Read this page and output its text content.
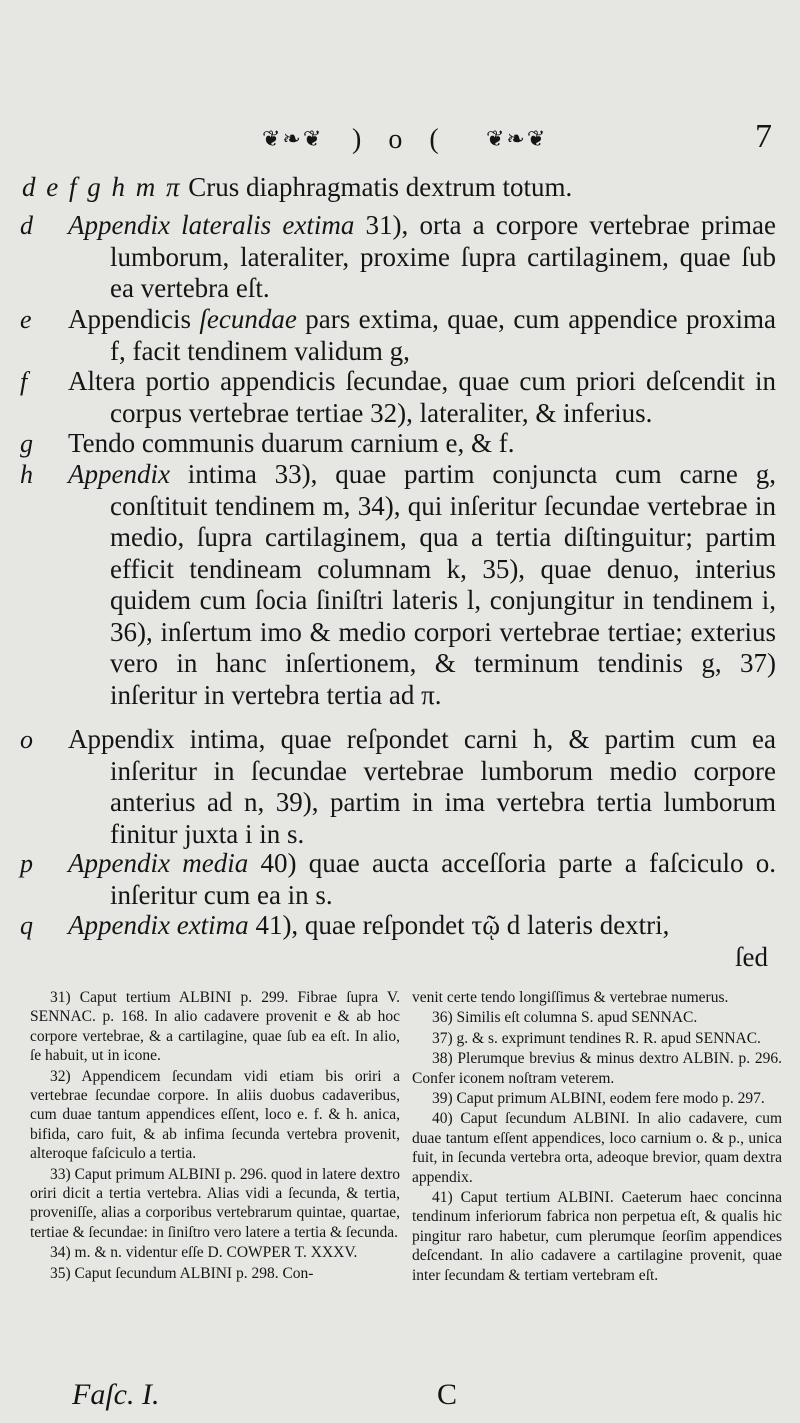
❦❧❦ ) o ( ❦❧❦	7
d e f g h m π Crus diaphragmatis dextrum totum.
d Appendix lateralis extima 31), orta a corpore vertebrae primae lumborum, lateraliter, proxime ſupra cartilaginem, quae ſub ea vertebra eſt.
e Appendicis ſecundae pars extima, quae, cum appendice proxima f, facit tendinem validum g,
f Altera portio appendicis ſecundae, quae cum priori deſcendit in corpus vertebrae tertiae 32), lateraliter, & inferius.
g Tendo communis duarum carnium e, & f.
h Appendix intima 33), quae partim conjuncta cum carne g, conſtituit tendinem m, 34), qui inſeritur ſecundae vertebrae in medio, ſupra cartilaginem, qua a tertia diſtinguitur; partim efficit tendineam columnam k, 35), quae denuo, interius quidem cum ſocia ſiniſtri lateris l, conjungitur in tendinem i, 36), inſertum imo & medio corpori vertebrae tertiae; exterius vero in hanc inſertionem, & terminum tendinis g, 37) inſeritur in vertebra tertia ad π.
o Appendix intima, quae reſpondet carni h, & partim cum ea inſeritur in ſecundae vertebrae lumborum medio corpore anterius ad n, 39), partim in ima vertebra tertia lumborum finitur juxta i in s.
p Appendix media 40) quae aucta acceſſoria parte a faſciculo o. inſeritur cum ea in s.
q Appendix extima 41), quae reſpondet τῷ d lateris dextri,
ſed
31) Caput tertium ALBINI p. 299. Fibrae ſupra V. SENNAC. p. 168. In alio cadavere provenit e & ab hoc corpore vertebrae, & a cartilagine, quae ſub ea eſt. In alio, ſe habuit, ut in icone.
32) Appendicem ſecundam vidi etiam bis oriri a vertebrae ſecundae corpore. In aliis duobus cadaveribus, cum duae tantum appendices eſſent, loco e. f. & h. anica, bifida, caro fuit, & ab infima ſecunda vertebra provenit, alteroque faſciculo a tertia.
33) Caput primum ALBINI p. 296. quod in latere dextro oriri dicit a tertia vertebra. Alias vidi a ſecunda, & tertia, proveniſſe, alias a corporibus vertebrarum quintae, quartae, tertiae & ſecundae: in ſiniſtro vero latere a tertia & ſecunda.
34) m. & n. videntur eſſe D. COWPER T. XXXV.
35) Caput ſecundum ALBINI p. 298. Con-
venit certe tendo longiſſimus & vertebrae numerus.
36) Similis eſt columna S. apud SENNAC.
37) g. & s. exprimunt tendines R. R. apud SENNAC.
38) Plerumque brevius & minus dextro ALBIN. p. 296. Confer iconem noſtram veterem.
39) Caput primum ALBINI, eodem fere modo p. 297.
40) Caput ſecundum ALBINI. In alio cadavere, cum duae tantum eſſent appendices, loco carnium o. & p., unica fuit, in ſecunda vertebra orta, adeoque brevior, quam dextra appendix.
41) Caput tertium ALBINI. Caeterum haec concinna tendinum inferiorum fabrica non perpetua eſt, & qualis hic pingitur raro habetur, cum plerumque ſeorſim appendices deſcendant. In alio cadavere a cartilagine provenit, quae inter ſecundam & tertiam vertebram eſt.
Faſc. I.	C
